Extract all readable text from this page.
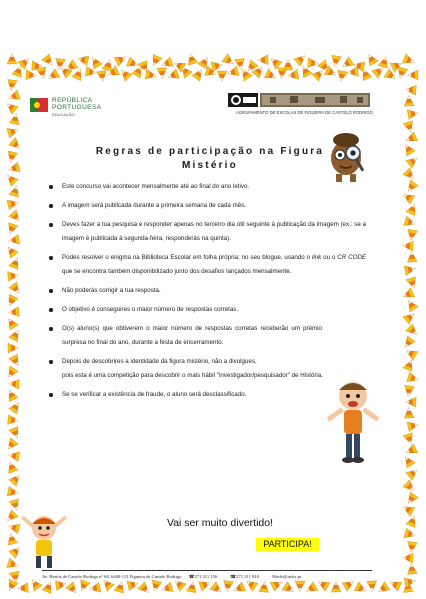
REPÚBLICA
PORTUGUESA
EDUCAÇÃO	AGRUPAMENTO DE ESCOLAS DE FIGUEIRA DE CASTELO RODRIGO
Regras de participação na Figura
Mistério
Este concurso vai acontecer mensalmente até ao final do ano letivo.
A imagem será publicada durante a primeira semana de cada mês.
Deves fazer a tua pesquisa e responder apenas no terceiro dia útil seguinte à publicação da imagem (ex.: se a imagem é publicada à segunda-feira, responderás na quinta).
Podes resolver o enigma na Biblioteca Escolar em folha própria; no seu blogue, usando o link ou o CR CODE que se encontra também disponibilizado junto dos desafios lançados mensalmente.
Não poderás corrigir a tua resposta.
O objetivo é conseguires o maior número de respostas corretas.
O(s) aluno(s) que obtiverem o maior número de respostas corretas receberão um prémio surpresa no final do ano, durante a festa de encerramento.
Depois de descobrires a identidade da figura mistério, não a divulgues,
pois esta é uma competição para descobrir o mais hábil "investigador/pesquisador" de História.
Se se verificar a existência de fraude, o aluno será desclassificado.
Vai ser muito divertido!
PARTICIPA!
Av. Heróis de Castelo Rodrigo nº 60, 6440-113 Figueira de Castelo Rodrigo ☎271 311 156	☎271 311 810	✉info@aefcr.pt
